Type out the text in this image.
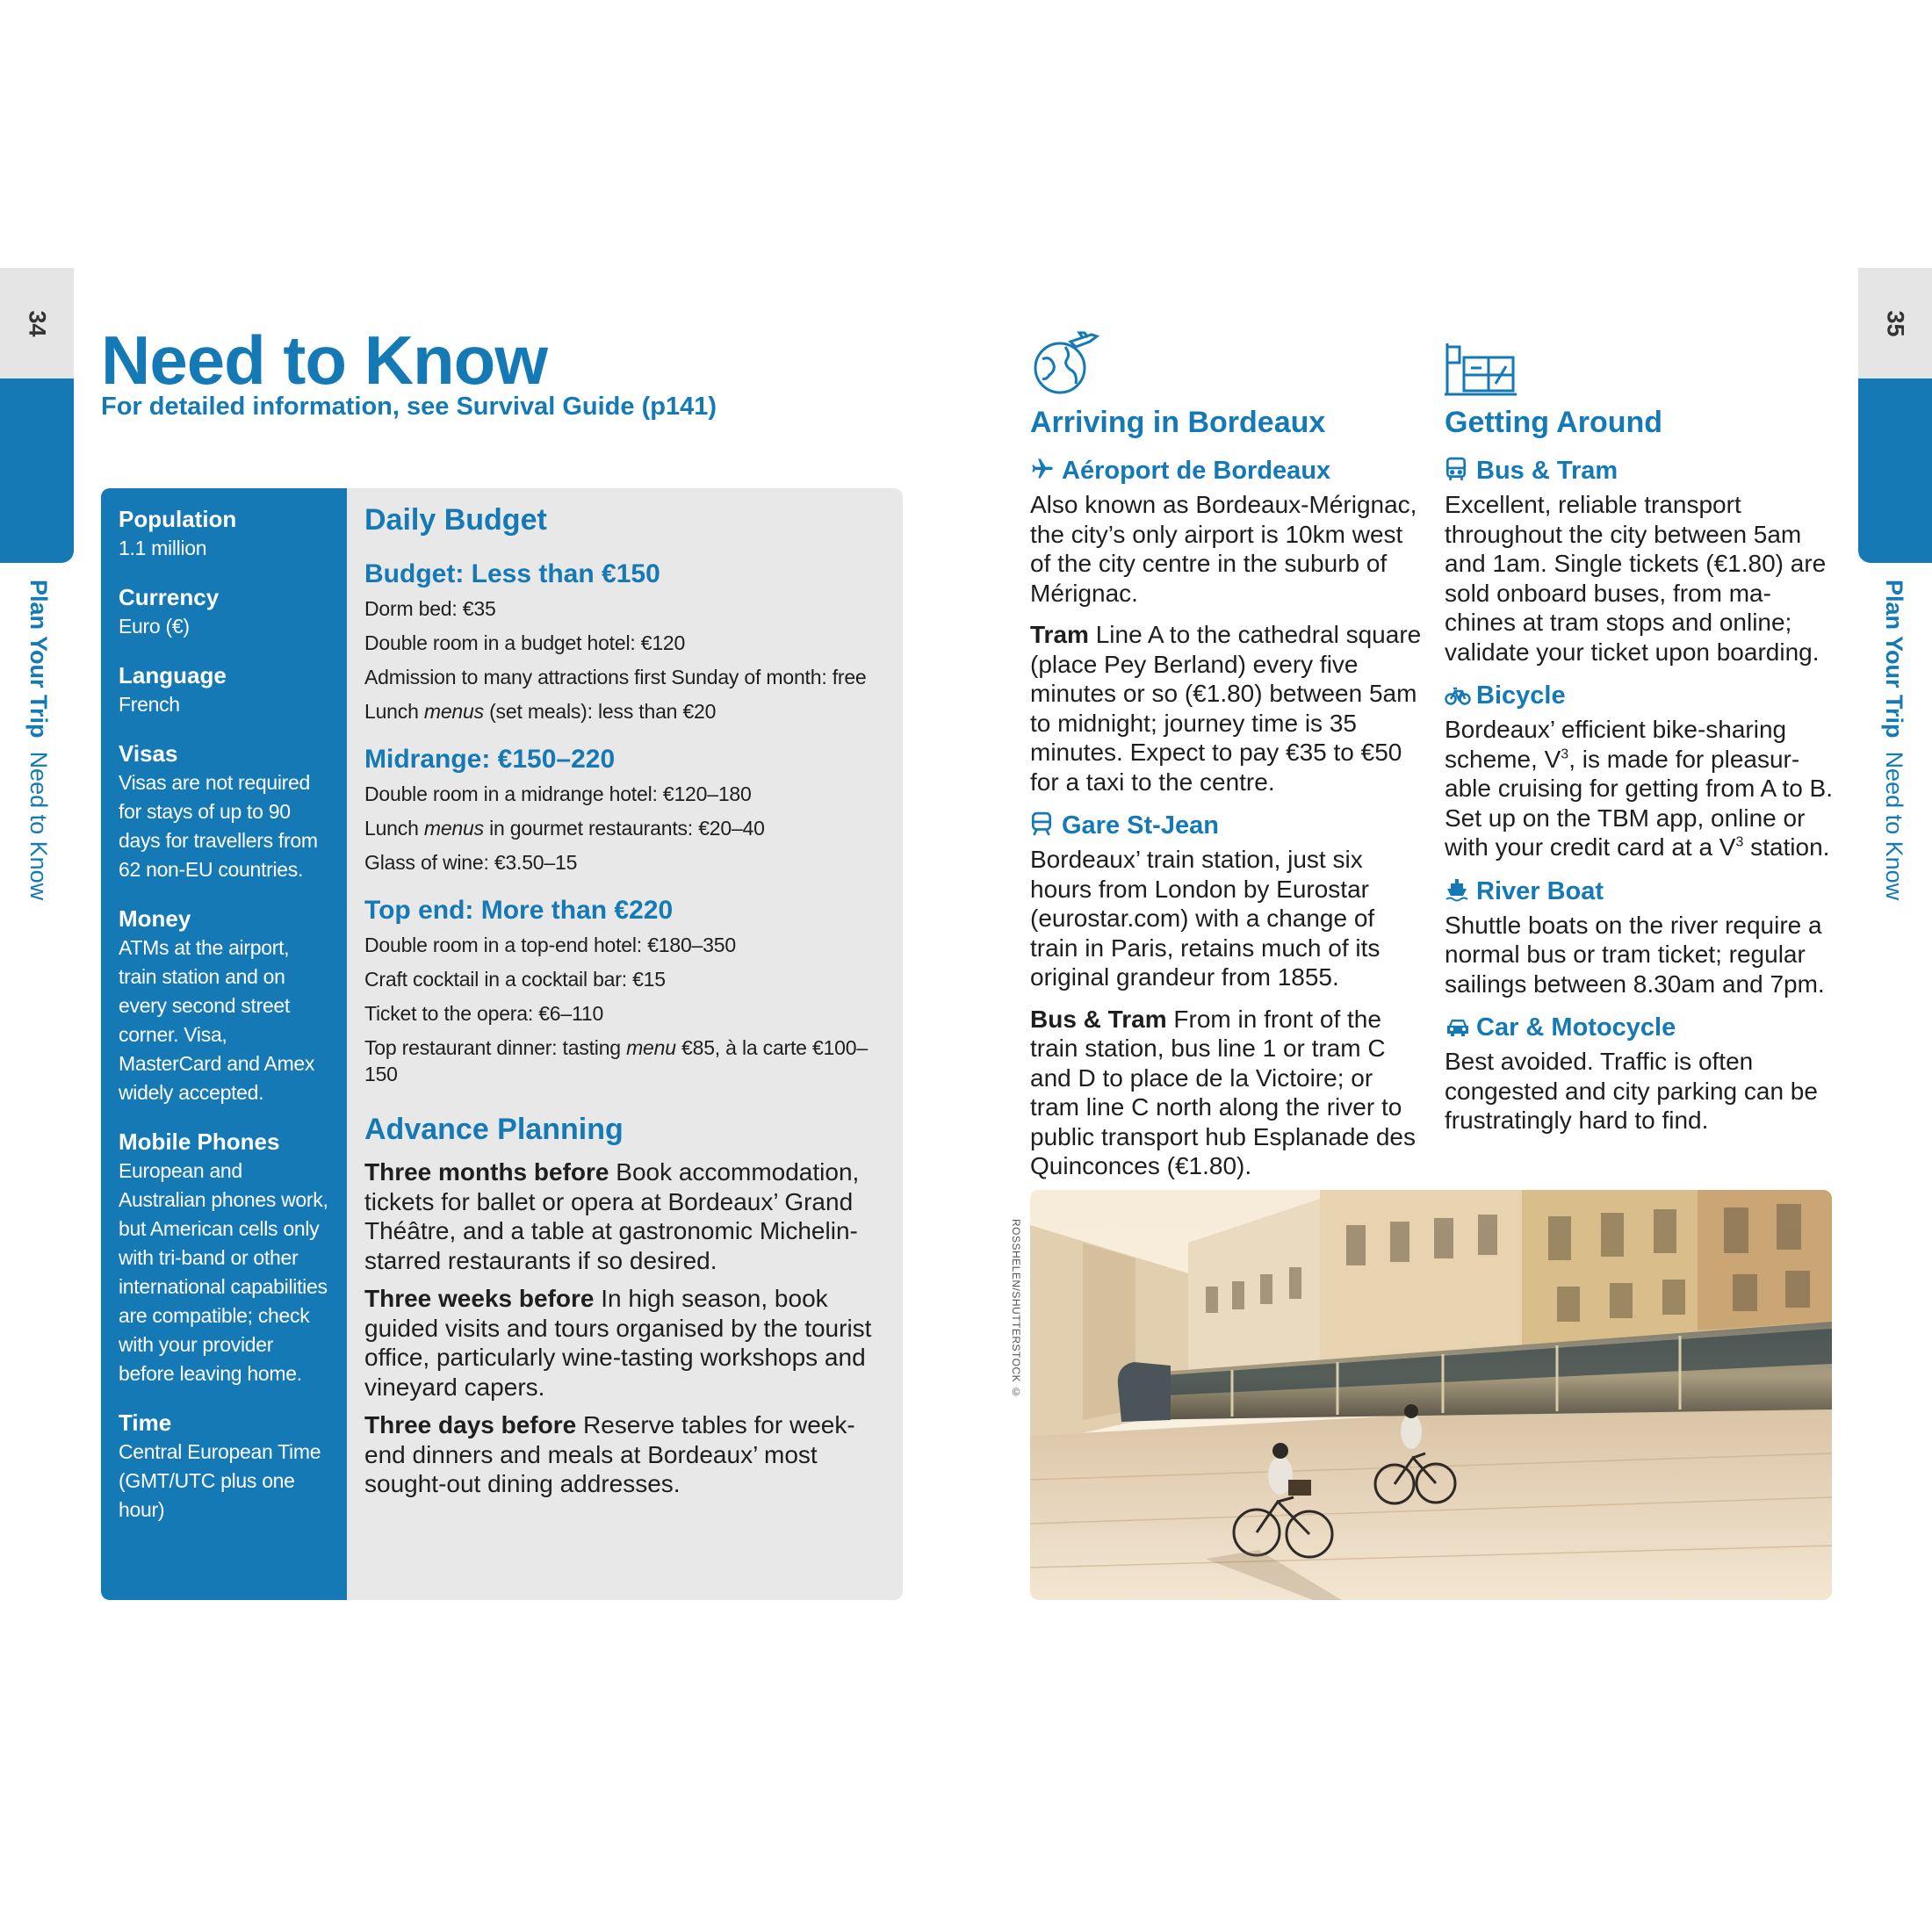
34
Plan Your Trip  Need to Know
35
Plan Your Trip  Need to Know
Need to Know
For detailed information, see Survival Guide (p141)
Population
1.1 million
Currency
Euro (€)
Language
French
Visas
Visas are not required for stays of up to 90 days for travellers from 62 non-EU countries.
Money
ATMs at the airport, train station and on every second street corner. Visa, MasterCard and Amex widely accepted.
Mobile Phones
European and Australian phones work, but American cells only with tri-band or other international capabilities are compatible; check with your provider before leaving home.
Time
Central European Time (GMT/UTC plus one hour)
Daily Budget
Budget: Less than €150
Dorm bed: €35
Double room in a budget hotel: €120
Admission to many attractions first Sunday of month: free
Lunch menus (set meals): less than €20
Midrange: €150–220
Double room in a midrange hotel: €120–180
Lunch menus in gourmet restaurants: €20–40
Glass of wine: €3.50–15
Top end: More than €220
Double room in a top-end hotel: €180–350
Craft cocktail in a cocktail bar: €15
Ticket to the opera: €6–110
Top restaurant dinner: tasting menu €85, à la carte €100–150
Advance Planning
Three months before Book accommodation, tickets for ballet or opera at Bordeaux’ Grand Théâtre, and a table at gastronomic Michelin-starred restaurants if so desired.
Three weeks before In high season, book guided visits and tours organised by the tourist office, particularly wine-tasting workshops and vineyard capers.
Three days before Reserve tables for week-end dinners and meals at Bordeaux’ most sought-out dining addresses.
Arriving in Bordeaux
Aéroport de Bordeaux
Also known as Bordeaux-Mérignac, the city’s only airport is 10km west of the city centre in the suburb of Mérignac.
Tram Line A to the cathedral square (place Pey Berland) every five minutes or so (€1.80) between 5am to midnight; journey time is 35 minutes. Expect to pay €35 to €50 for a taxi to the centre.
Gare St-Jean
Bordeaux’ train station, just six hours from London by Eurostar (eurostar.com) with a change of train in Paris, retains much of its original grandeur from 1855.
Bus & Tram From in front of the train station, bus line 1 or tram C and D to place de la Victoire; or tram line C north along the river to public transport hub Esplanade des Quinconces (€1.80).
Getting Around
Bus & Tram
Excellent, reliable transport throughout the city between 5am and 1am. Single tickets (€1.80) are sold onboard buses, from ma-chines at tram stops and online; validate your ticket upon boarding.
Bicycle
Bordeaux’ efficient bike-sharing scheme, $V^3$, is made for pleasur-able cruising for getting from A to B. Set up on the TBM app, online or with your credit card at a $V^3$ station.
River Boat
Shuttle boats on the river require a normal bus or tram ticket; regular sailings between 8.30am and 7pm.
Car & Motocycle
Best avoided. Traffic is often congested and city parking can be frustratingly hard to find.
ROSSHELEN/SHUTTERSTOCK ©
